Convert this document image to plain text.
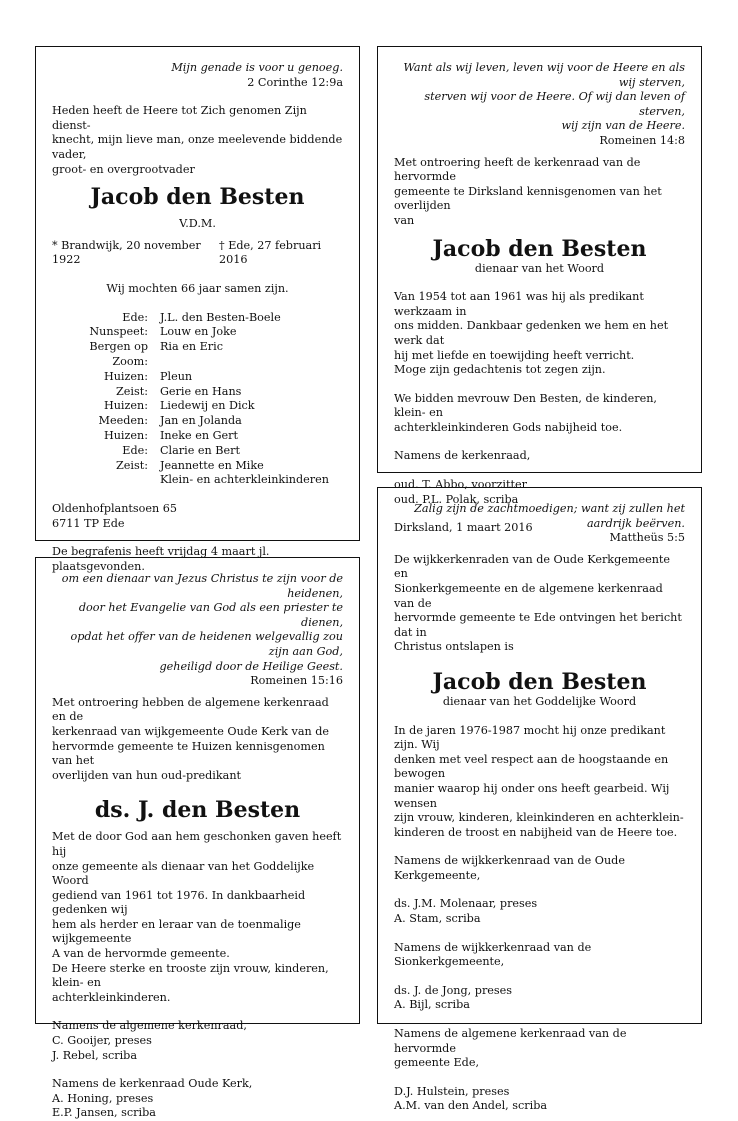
Mijn genade is voor u genoeg.

2 Corinthe 12:9a

Heden heeft de Heere tot Zich genomen Zijn dienst-
knecht, mijn lieve man, onze meelevende biddende vader,
groot- en overgrootvader

Jacob den Besten

V.D.M.

* Brandwijk, 20 november 1922
† Ede, 27 februari 2016

Wij mochten 66 jaar samen zijn.

Ede:	J.L. den Besten-Boele
Nunspeet:	Louw en Joke
Bergen op Zoom:	Ria en Eric
Huizen:	Pleun
Zeist:	Gerie en Hans
Huizen:	Liedewij en Dick
Meeden:	Jan en Jolanda
Huizen:	Ineke en Gert
Ede:	Clarie en Bert
Zeist:	Jeannette en Mike
	Klein- en achterkleinkinderen

Oldenhofplantsoen 65

6711 TP Ede

De begrafenis heeft vrijdag 4 maart jl. plaatsgevonden.

Want als wij leven, leven wij voor de Heere en als wij sterven,

sterven wij voor de Heere. Of wij dan leven of sterven,

wij zijn van de Heere.

Romeinen 14:8

Met ontroering heeft de kerkenraad van de hervormde
gemeente te Dirksland kennisgenomen van het overlijden
van

Jacob den Besten

dienaar van het Woord

Van 1954 tot aan 1961 was hij als predikant werkzaam in
ons midden. Dankbaar gedenken we hem en het werk dat
hij met liefde en toewijding heeft verricht.
Moge zijn gedachtenis tot zegen zijn.

We bidden mevrouw Den Besten, de kinderen, klein- en
achterkleinkinderen Gods nabijheid toe.

Namens de kerkenraad,

oud. T. Abbo, voorzitter

oud. P.L. Polak, scriba

Dirksland, 1 maart 2016

om een dienaar van Jezus Christus te zijn voor de heidenen,

door het Evangelie van God als een priester te dienen,

opdat het offer van de heidenen welgevallig zou zijn aan God,

geheiligd door de Heilige Geest.

Romeinen 15:16

Met ontroering hebben de algemene kerkenraad en de
kerkenraad van wijkgemeente Oude Kerk van de
hervormde gemeente te Huizen kennisgenomen van het
overlijden van hun oud-predikant

ds. J. den Besten

Met de door God aan hem geschonken gaven heeft hij
onze gemeente als dienaar van het Goddelijke Woord
gediend van 1961 tot 1976. In dankbaarheid gedenken wij
hem als herder en leraar van de toenmalige wijkgemeente
A van de hervormde gemeente.
De Heere sterke en trooste zijn vrouw, kinderen, klein- en
achterkleinkinderen.

Namens de algemene kerkenraad,

C. Gooijer, preses

J. Rebel, scriba

Namens de kerkenraad Oude Kerk,

A. Honing, preses

E.P. Jansen, scriba

Zalig zijn de zachtmoedigen; want zij zullen het aardrijk beërven.

Mattheüs 5:5

De wijkkerkenraden van de Oude Kerkgemeente en
Sionkerkgemeente en de algemene kerkenraad van de
hervormde gemeente te Ede ontvingen het bericht dat in
Christus ontslapen is

Jacob den Besten

dienaar van het Goddelijke Woord

In de jaren 1976-1987 mocht hij onze predikant zijn. Wij
denken met veel respect aan de hoogstaande en bewogen
manier waarop hij onder ons heeft gearbeid. Wij wensen
zijn vrouw, kinderen, kleinkinderen en achterklein-
kinderen de troost en nabijheid van de Heere toe.

Namens de wijkkerkenraad van de Oude Kerkgemeente,

ds. J.M. Molenaar, preses

A. Stam, scriba

Namens de wijkkerkenraad van de Sionkerkgemeente,

ds. J. de Jong, preses

A. Bijl, scriba

Namens de algemene kerkenraad van de hervormde
gemeente Ede,

D.J. Hulstein, preses

A.M. van den Andel, scriba
